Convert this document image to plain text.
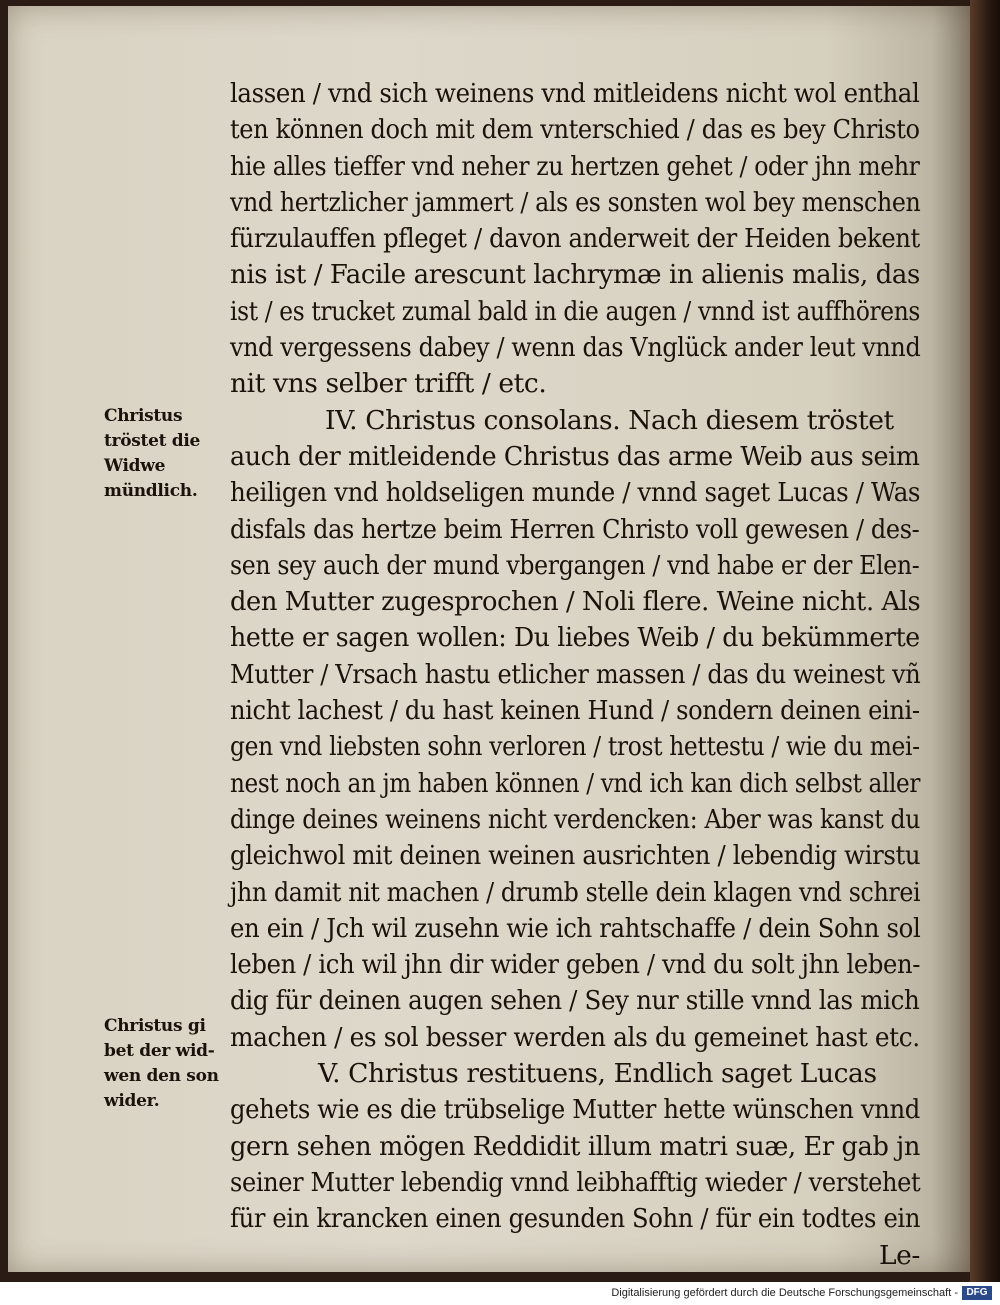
lassen / vnd sich weinens vnd mitleidens nicht wol enthal
ten können doch mit dem vnterschied / das es bey Christo
hie alles tieffer vnd neher zu hertzen gehet / oder jhn mehr
vnd hertzlicher jammert / als es sonsten wol bey menschen
fürzulauffen pfleget / davon anderweit der Heiden bekent
nis ist / Facile arescunt lachrymæ in alienis malis, das
ist / es trucket zumal bald in die augen / vnnd ist auffhörens
vnd vergessens dabey / wenn das Vnglück ander leut vnnd
nit vns selber trifft / etc.
IV. Christus consolans. Nach diesem tröstet
auch der mitleidende Christus das arme Weib aus seim
heiligen vnd holdseligen munde / vnnd saget Lucas / Was
disfals das hertze beim Herren Christo voll gewesen / des-
sen sey auch der mund vbergangen / vnd habe er der Elen-
den Mutter zugesprochen / Noli flere. Weine nicht. Als
hette er sagen wollen: Du liebes Weib / du bekümmerte
Mutter / Vrsach hastu etlicher massen / das du weinest vñ
nicht lachest / du hast keinen Hund / sondern deinen eini-
gen vnd liebsten sohn verloren / trost hettestu / wie du mei-
nest noch an jm haben können / vnd ich kan dich selbst aller
dinge deines weinens nicht verdencken: Aber was kanst du
gleichwol mit deinen weinen ausrichten / lebendig wirstu
jhn damit nit machen / drumb stelle dein klagen vnd schrei
en ein / Jch wil zusehn wie ich rahtschaffe / dein Sohn sol
leben / ich wil jhn dir wider geben / vnd du solt jhn leben-
dig für deinen augen sehen / Sey nur stille vnnd las mich
machen / es sol besser werden als du gemeinet hast etc.
V. Christus restituens, Endlich saget Lucas
gehets wie es die trübselige Mutter hette wünschen vnnd
gern sehen mögen Reddidit illum matri suæ, Er gab jn
seiner Mutter lebendig vnnd leibhafftig wieder / verstehet
für ein krancken einen gesunden Sohn / für ein todtes ein
Le-
Christus
tröstet die
Widwe
mündlich.
Christus gi
bet der wid-
wen den son
wider.
Digitalisierung gefördert durch die Deutsche Forschungsgemeinschaft - DFG
